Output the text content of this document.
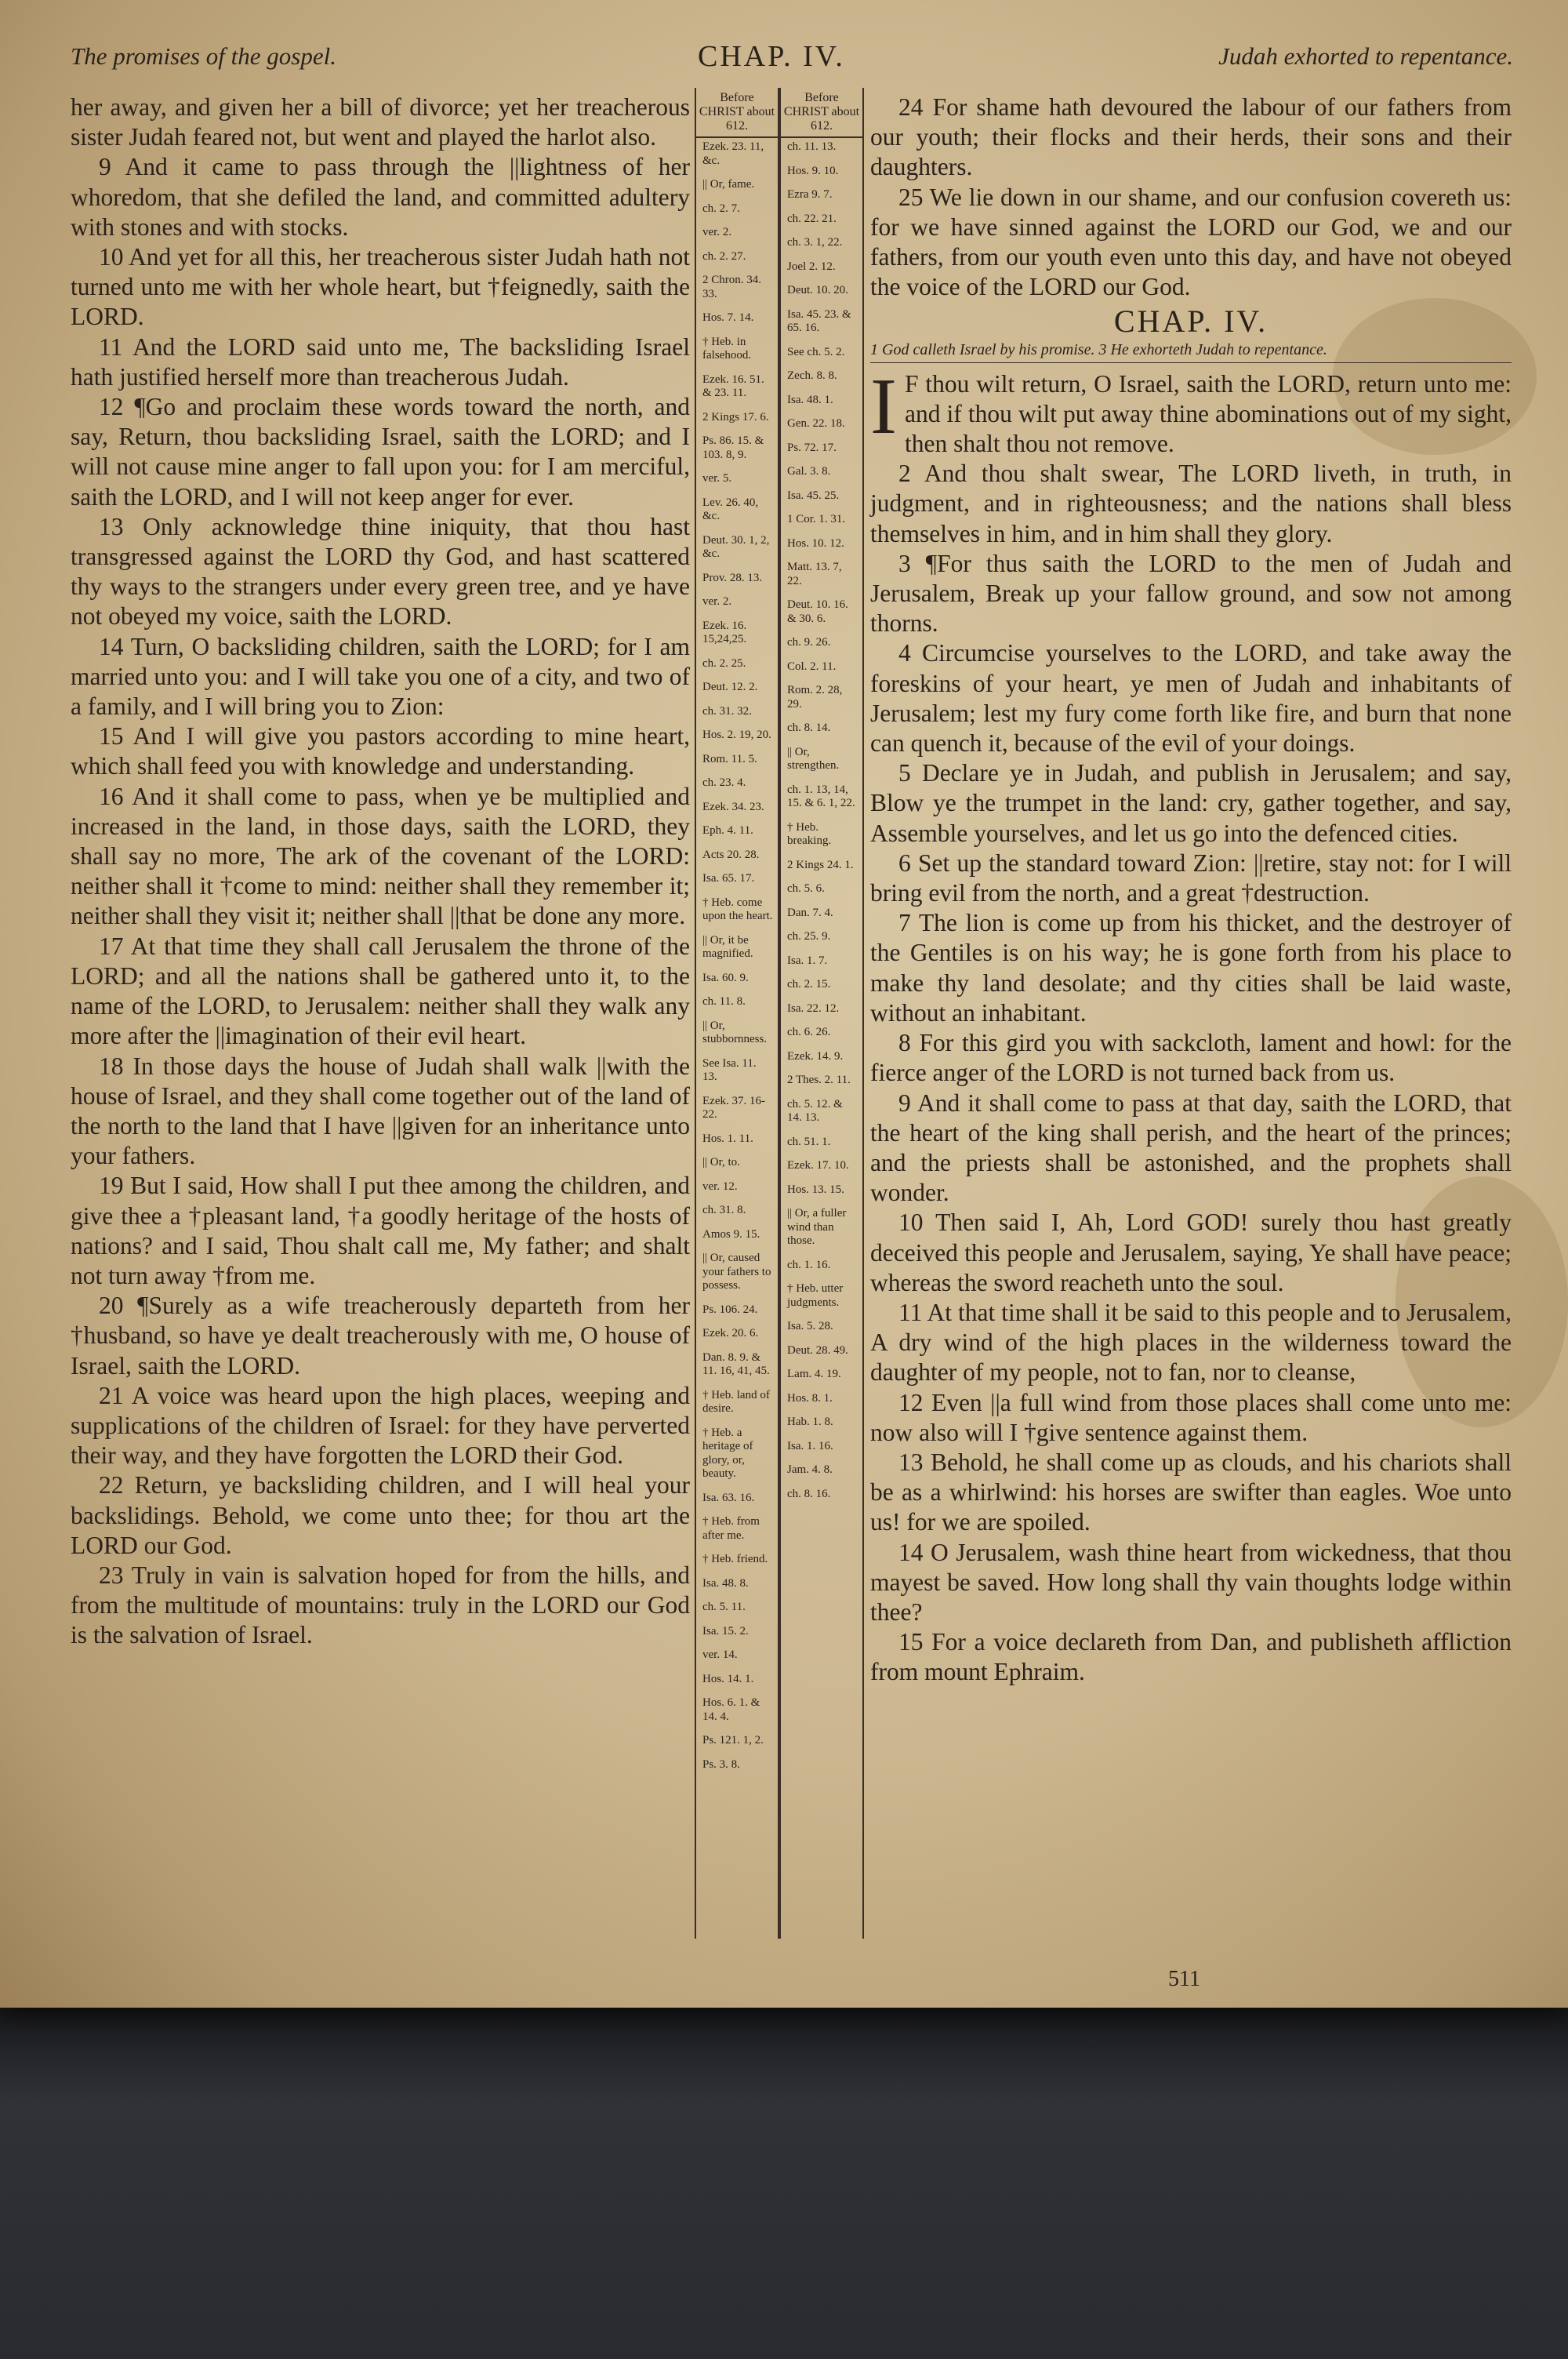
The promises of the gospel.	CHAP. IV.	Judah exhorted to repentance.

her away, and given her a bill of divorce; yet her treacherous sister Judah feared not, but went and played the harlot also.

9 And it came to pass through the ||lightness of her whoredom, that she defiled the land, and committed adultery with stones and with stocks.

10 And yet for all this, her treacherous sister Judah hath not turned unto me with her whole heart, but †feignedly, saith the LORD.

11 And the LORD said unto me, The backsliding Israel hath justified herself more than treacherous Judah.

12 ¶Go and proclaim these words toward the north, and say, Return, thou backsliding Israel, saith the LORD; and I will not cause mine anger to fall upon you: for I am merciful, saith the LORD, and I will not keep anger for ever.

13 Only acknowledge thine iniquity, that thou hast transgressed against the LORD thy God, and hast scattered thy ways to the strangers under every green tree, and ye have not obeyed my voice, saith the LORD.

14 Turn, O backsliding children, saith the LORD; for I am married unto you: and I will take you one of a city, and two of a family, and I will bring you to Zion:

15 And I will give you pastors according to mine heart, which shall feed you with knowledge and understanding.

16 And it shall come to pass, when ye be multiplied and increased in the land, in those days, saith the LORD, they shall say no more, The ark of the covenant of the LORD: neither shall it †come to mind: neither shall they remember it; neither shall they visit it; neither shall ||that be done any more.

17 At that time they shall call Jerusalem the throne of the LORD; and all the nations shall be gathered unto it, to the name of the LORD, to Jerusalem: neither shall they walk any more after the ||imagination of their evil heart.

18 In those days the house of Judah shall walk ||with the house of Israel, and they shall come together out of the land of the north to the land that I have ||given for an inheritance unto your fathers.

19 But I said, How shall I put thee among the children, and give thee a †pleasant land, †a goodly heritage of the hosts of nations? and I said, Thou shalt call me, My father; and shalt not turn away †from me.

20 ¶Surely as a wife treacherously departeth from her †husband, so have ye dealt treacherously with me, O house of Israel, saith the LORD.

21 A voice was heard upon the high places, weeping and supplications of the children of Israel: for they have perverted their way, and they have forgotten the LORD their God.

22 Return, ye backsliding children, and I will heal your backslidings. Behold, we come unto thee; for thou art the LORD our God.

23 Truly in vain is salvation hoped for from the hills, and from the multitude of mountains: truly in the LORD our God is the salvation of Israel.

Before CHRIST about 612.
Ezek. 23. 11, &c.
|| Or, fame.
ch. 2. 7.
ver. 2.
ch. 2. 27.
2 Chron. 34. 33.
Hos. 7. 14.
† Heb. in falsehood.
Ezek. 16. 51. & 23. 11.
2 Kings 17. 6.
Ps. 86. 15. & 103. 8, 9.
ver. 5.
Lev. 26. 40, &c.
Deut. 30. 1, 2, &c.
Prov. 28. 13.
ver. 2.
Ezek. 16. 15,24,25.
ch. 2. 25.
Deut. 12. 2.
ch. 31. 32.
Hos. 2. 19, 20.
Rom. 11. 5.
ch. 23. 4.
Ezek. 34. 23.
Eph. 4. 11.
Acts 20. 28.
Isa. 65. 17.
† Heb. come upon the heart.
|| Or, it be magnified.
Isa. 60. 9.
ch. 11. 8.
|| Or, stubbornness.
See Isa. 11. 13.
Ezek. 37. 16-22.
Hos. 1. 11.
|| Or, to.
ver. 12.
ch. 31. 8.
Amos 9. 15.
|| Or, caused your fathers to possess.
Ps. 106. 24.
Ezek. 20. 6.
Dan. 8. 9. & 11. 16, 41, 45.
† Heb. land of desire.
† Heb. a heritage of glory, or, beauty.
Isa. 63. 16.
† Heb. from after me.
† Heb. friend.
Isa. 48. 8.
ch. 5. 11.
Isa. 15. 2.
ver. 14.
Hos. 14. 1.
Hos. 6. 1. & 14. 4.
Ps. 121. 1, 2.
Ps. 3. 8.
Before CHRIST about 612.
ch. 11. 13.
Hos. 9. 10.
Ezra 9. 7.
ch. 22. 21.
ch. 3. 1, 22.
Joel 2. 12.
Deut. 10. 20.
Isa. 45. 23. & 65. 16.
See ch. 5. 2.
Zech. 8. 8.
Isa. 48. 1.
Gen. 22. 18.
Ps. 72. 17.
Gal. 3. 8.
Isa. 45. 25.
1 Cor. 1. 31.
Hos. 10. 12.
Matt. 13. 7, 22.
Deut. 10. 16. & 30. 6.
ch. 9. 26.
Col. 2. 11.
Rom. 2. 28, 29.
ch. 8. 14.
|| Or, strengthen.
ch. 1. 13, 14, 15. & 6. 1, 22.
† Heb. breaking.
2 Kings 24. 1.
ch. 5. 6.
Dan. 7. 4.
ch. 25. 9.
Isa. 1. 7.
ch. 2. 15.
Isa. 22. 12.
ch. 6. 26.
Ezek. 14. 9.
2 Thes. 2. 11.
ch. 5. 12. & 14. 13.
ch. 51. 1.
Ezek. 17. 10.
Hos. 13. 15.
|| Or, a fuller wind than those.
ch. 1. 16.
† Heb. utter judgments.
Isa. 5. 28.
Deut. 28. 49.
Lam. 4. 19.
Hos. 8. 1.
Hab. 1. 8.
Isa. 1. 16.
Jam. 4. 8.
ch. 8. 16.

24 For shame hath devoured the labour of our fathers from our youth; their flocks and their herds, their sons and their daughters.

25 We lie down in our shame, and our confusion covereth us: for we have sinned against the LORD our God, we and our fathers, from our youth even unto this day, and have not obeyed the voice of the LORD our God.

CHAP. IV.
1 God calleth Israel by his promise. 3 He exhorteth Judah to repentance.

I F thou wilt return, O Israel, saith the LORD, return unto me: and if thou wilt put away thine abominations out of my sight, then shalt thou not remove.

2 And thou shalt swear, The LORD liveth, in truth, in judgment, and in righteousness; and the nations shall bless themselves in him, and in him shall they glory.

3 ¶For thus saith the LORD to the men of Judah and Jerusalem, Break up your fallow ground, and sow not among thorns.

4 Circumcise yourselves to the LORD, and take away the foreskins of your heart, ye men of Judah and inhabitants of Jerusalem; lest my fury come forth like fire, and burn that none can quench it, because of the evil of your doings.

5 Declare ye in Judah, and publish in Jerusalem; and say, Blow ye the trumpet in the land: cry, gather together, and say, Assemble yourselves, and let us go into the defenced cities.

6 Set up the standard toward Zion: ||retire, stay not: for I will bring evil from the north, and a great †destruction.

7 The lion is come up from his thicket, and the destroyer of the Gentiles is on his way; he is gone forth from his place to make thy land desolate; and thy cities shall be laid waste, without an inhabitant.

8 For this gird you with sackcloth, lament and howl: for the fierce anger of the LORD is not turned back from us.

9 And it shall come to pass at that day, saith the LORD, that the heart of the king shall perish, and the heart of the princes; and the priests shall be astonished, and the prophets shall wonder.

10 Then said I, Ah, Lord GOD! surely thou hast greatly deceived this people and Jerusalem, saying, Ye shall have peace; whereas the sword reacheth unto the soul.

11 At that time shall it be said to this people and to Jerusalem, A dry wind of the high places in the wilderness toward the daughter of my people, not to fan, nor to cleanse,

12 Even ||a full wind from those places shall come unto me: now also will I †give sentence against them.

13 Behold, he shall come up as clouds, and his chariots shall be as a whirlwind: his horses are swifter than eagles. Woe unto us! for we are spoiled.

14 O Jerusalem, wash thine heart from wickedness, that thou mayest be saved. How long shall thy vain thoughts lodge within thee?

15 For a voice declareth from Dan, and publisheth affliction from mount Ephraim.

511
